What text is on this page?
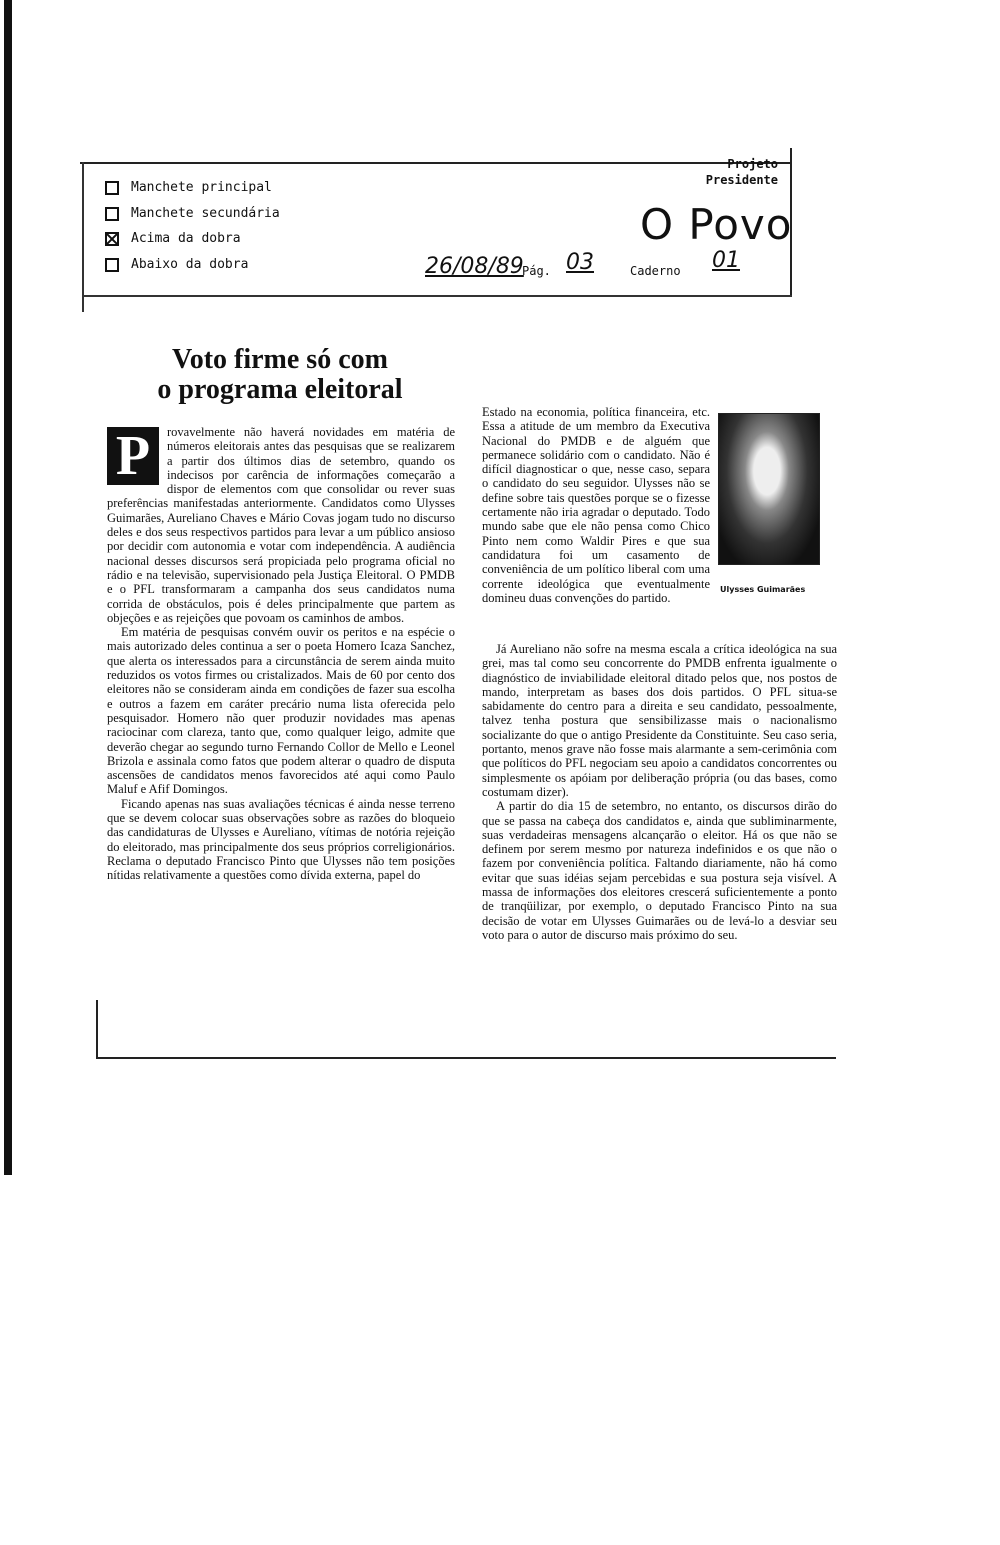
Manchete principal
Manchete secundária
Acima da dobra
Abaixo da dobra
Projeto
Presidente
O Povo
26/08/89
Pág. 03	Caderno 01
Voto firme só com
o programa eleitoral
P	rovavelmente não haverá novidades em matéria de números eleitorais antes das pesquisas que se realizarem a partir dos últimos dias de setembro, quando os indecisos por carência de informações começarão a dispor de elementos com que consolidar ou rever suas preferências manifestadas anteriormente. Candidatos como Ulysses Guimarães, Aureliano Chaves e Mário Covas jogam tudo no discurso deles e dos seus respectivos partidos para levar a um público ansioso por decidir com autonomia e votar com independência. A audiência nacional desses discursos será propiciada pelo programa oficial no rádio e na televisão, supervisionado pela Justiça Eleitoral. O PMDB e o PFL transformaram a campanha dos seus candidatos numa corrida de obstáculos, pois é deles principalmente que partem as objeções e as rejeições que povoam os caminhos de ambos.

Em matéria de pesquisas convém ouvir os peritos e na espécie o mais autorizado deles continua a ser o poeta Homero Icaza Sanchez, que alerta os interessados para a circunstância de serem ainda muito reduzidos os votos firmes ou cristalizados. Mais de 60 por cento dos eleitores não se consideram ainda em condições de fazer sua escolha e outros a fazem em caráter precário numa lista oferecida pelo pesquisador. Homero não quer produzir novidades mas apenas raciocinar com clareza, tanto que, como qualquer leigo, admite que deverão chegar ao segundo turno Fernando Collor de Mello e Leonel Brizola e assinala como fatos que podem alterar o quadro de disputa ascensões de candidatos menos favorecidos até aqui como Paulo Maluf e Afif Domingos.

Ficando apenas nas suas avaliações técnicas é ainda nesse terreno que se devem colocar suas observações sobre as razões do bloqueio das candidaturas de Ulysses e Aureliano, vítimas de notória rejeição do eleitorado, mas principalmente dos seus próprios correligionários. Reclama o deputado Francisco Pinto que Ulysses não tem posições nítidas relativamente a questões como dívida externa, papel do

Estado na economia, política financeira, etc. Essa a atitude de um membro da Executiva Nacional do PMDB e de alguém que permanece solidário com o candidato. Não é difícil diagnosticar o que, nesse caso, separa o candidato do seu seguidor. Ulysses não se define sobre tais questões porque se o fizesse certamente não iria agradar o deputado. Todo mundo sabe que ele não pensa como Chico Pinto nem como Waldir Pires e que sua candidatura foi um casamento de conveniência de um político liberal com uma corrente ideológica que eventualmente domineu duas convenções do partido.

Ulysses Guimarães

Já Aureliano não sofre na mesma escala a crítica ideológica na sua grei, mas tal como seu concorrente do PMDB enfrenta igualmente o diagnóstico de inviabilidade eleitoral ditado pelos que, nos postos de mando, interpretam as bases dos dois partidos. O PFL situa-se sabidamente do centro para a direita e seu candidato, pessoalmente, talvez tenha postura que sensibilizasse mais o nacionalismo socializante do que o antigo Presidente da Constituinte. Seu caso seria, portanto, menos grave não fosse mais alarmante a sem-cerimônia com que políticos do PFL negociam seu apoio a candidatos concorrentes ou simplesmente os apóiam por deliberação própria (ou das bases, como costumam dizer).

A partir do dia 15 de setembro, no entanto, os discursos dirão do que se passa na cabeça dos candidatos e, ainda que subliminarmente, suas verdadeiras mensagens alcançarão o eleitor. Há os que não se definem por serem mesmo por natureza indefinidos e os que não o fazem por conveniência política. Faltando diariamente, não há como evitar que suas idéias sejam percebidas e sua postura seja visível. A massa de informações dos eleitores crescerá suficientemente a ponto de tranqüilizar, por exemplo, o deputado Francisco Pinto na sua decisão de votar em Ulysses Guimarães ou de levá-lo a desviar seu voto para o autor de discurso mais próximo do seu.
